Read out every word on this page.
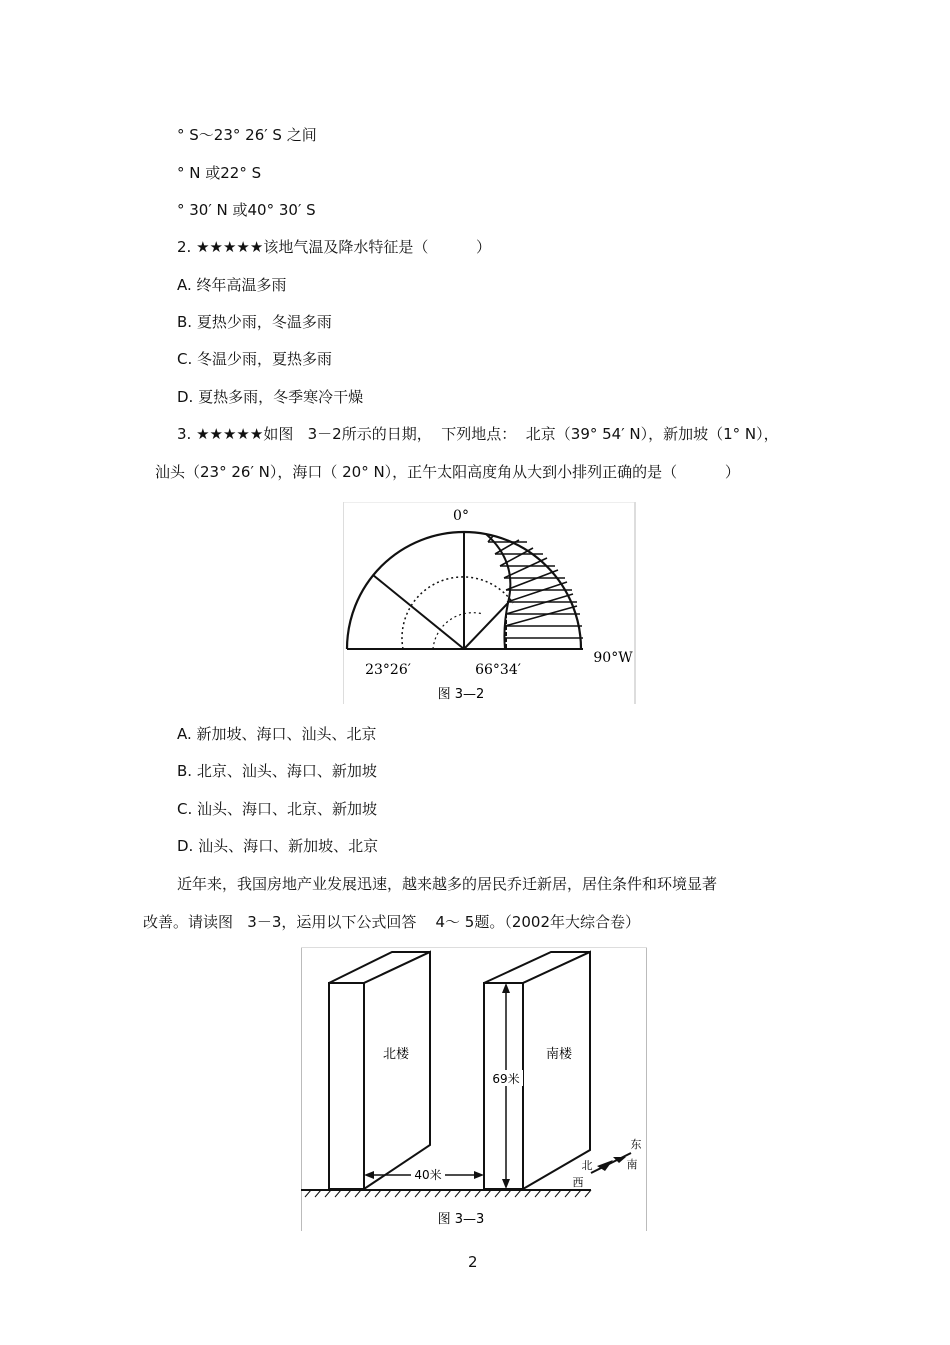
° S～23° 26′ S 之间
° N 或22° S
° 30′ N 或40° 30′ S
2. ★★★★★该地气温及降水特征是（          ）
A. 终年高温多雨
B. 夏热少雨，冬温多雨
C. 冬温少雨，夏热多雨
D. 夏热多雨，冬季寒冷干燥
3. ★★★★★如图   3－2所示的日期，  下列地点：  北京（39° 54′ N），新加坡（1° N），
汕头（23° 26′ N），海口（ 20° N），正午太阳高度角从大到小排列正确的是（          ）
0°
23°26′	66°34′
90°W
图 3—2
A. 新加坡、海口、汕头、北京
B. 北京、汕头、海口、新加坡
C. 汕头、海口、北京、新加坡
D. 汕头、海口、新加坡、北京
近年来，我国房地产业发展迅速，越来越多的居民乔迁新居，居住条件和环境显著
改善。请读图   3－3，运用以下公式回答    4～ 5题。（2002年大综合卷）
69米
40米
北楼	南楼
北
东
南
西
图 3—3
2
